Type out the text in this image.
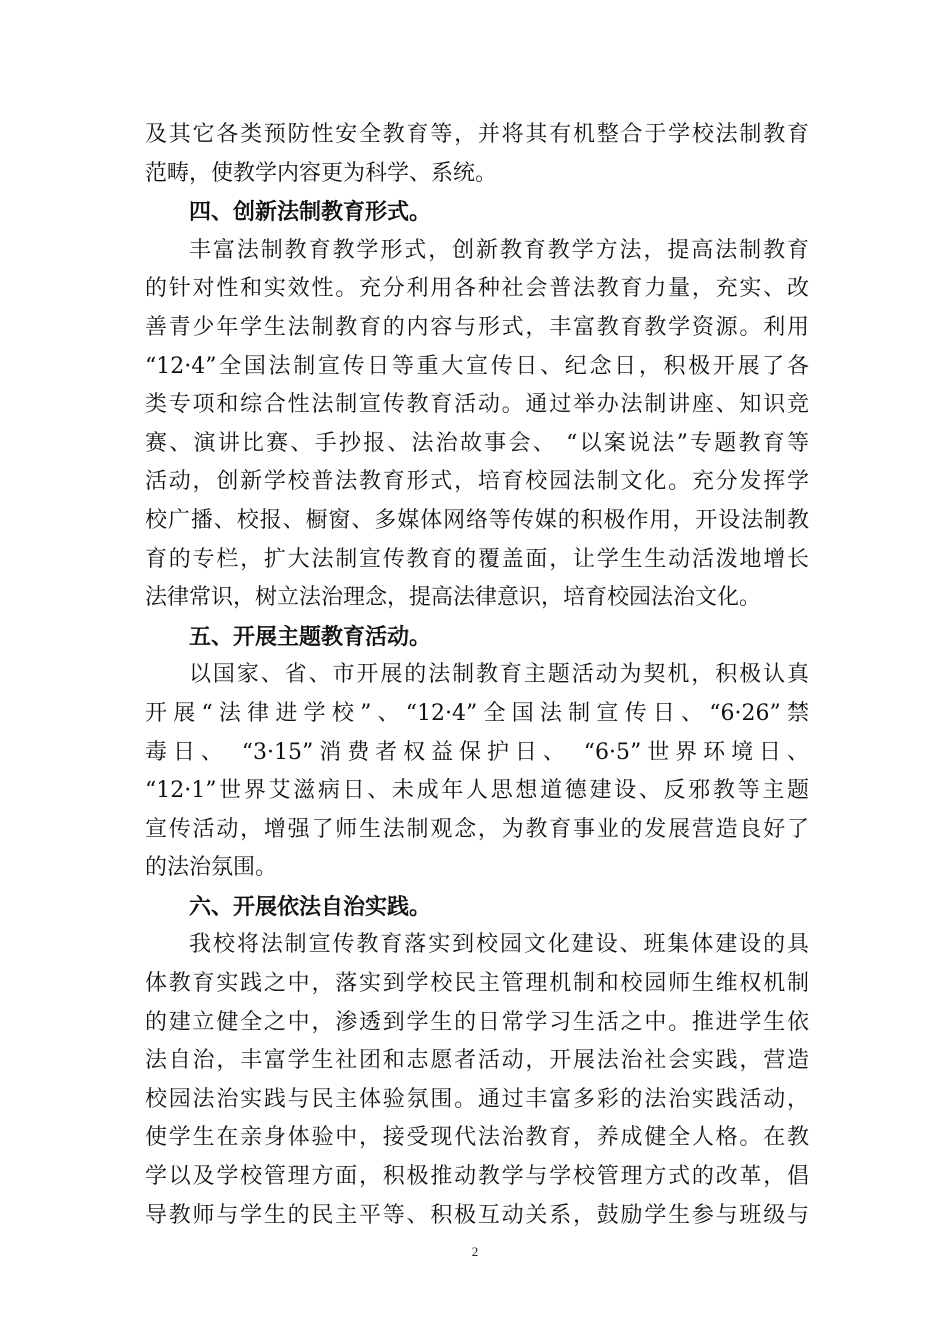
及其它各类预防性安全教育等，并将其有机整合于学校法制教育
范畴，使教学内容更为科学、系统。
四、创新法制教育形式。
丰富法制教育教学形式，创新教育教学方法，提高法制教育
的针对性和实效性。充分利用各种社会普法教育力量，充实、改
善青少年学生法制教育的内容与形式，丰富教育教学资源。利用
“12·4”全国法制宣传日等重大宣传日、纪念日，积极开展了各
类专项和综合性法制宣传教育活动。通过举办法制讲座、知识竞
赛、演讲比赛、手抄报、法治故事会、 “以案说法”专题教育等
活动，创新学校普法教育形式，培育校园法制文化。充分发挥学
校广播、校报、橱窗、多媒体网络等传媒的积极作用，开设法制教
育的专栏，扩大法制宣传教育的覆盖面，让学生生动活泼地增长
法律常识，树立法治理念，提高法律意识，培育校园法治文化。
五、开展主题教育活动。
以国家、省、市开展的法制教育主题活动为契机，积极认真
开展“法律进学校”、“12·4”全国法制宣传日、“6·26”禁
毒日、 “3·15”消费者权益保护日、 “6·5”世界环境日、
“12·1”世界艾滋病日、未成年人思想道德建设、反邪教等主题
宣传活动，增强了师生法制观念，为教育事业的发展营造良好了
的法治氛围。
六、开展依法自治实践。
我校将法制宣传教育落实到校园文化建设、班集体建设的具
体教育实践之中，落实到学校民主管理机制和校园师生维权机制
的建立健全之中，渗透到学生的日常学习生活之中。推进学生依
法自治，丰富学生社团和志愿者活动，开展法治社会实践，营造
校园法治实践与民主体验氛围。通过丰富多彩的法治实践活动，
使学生在亲身体验中，接受现代法治教育，养成健全人格。在教
学以及学校管理方面，积极推动教学与学校管理方式的改革，倡
导教师与学生的民主平等、积极互动关系，鼓励学生参与班级与
2
